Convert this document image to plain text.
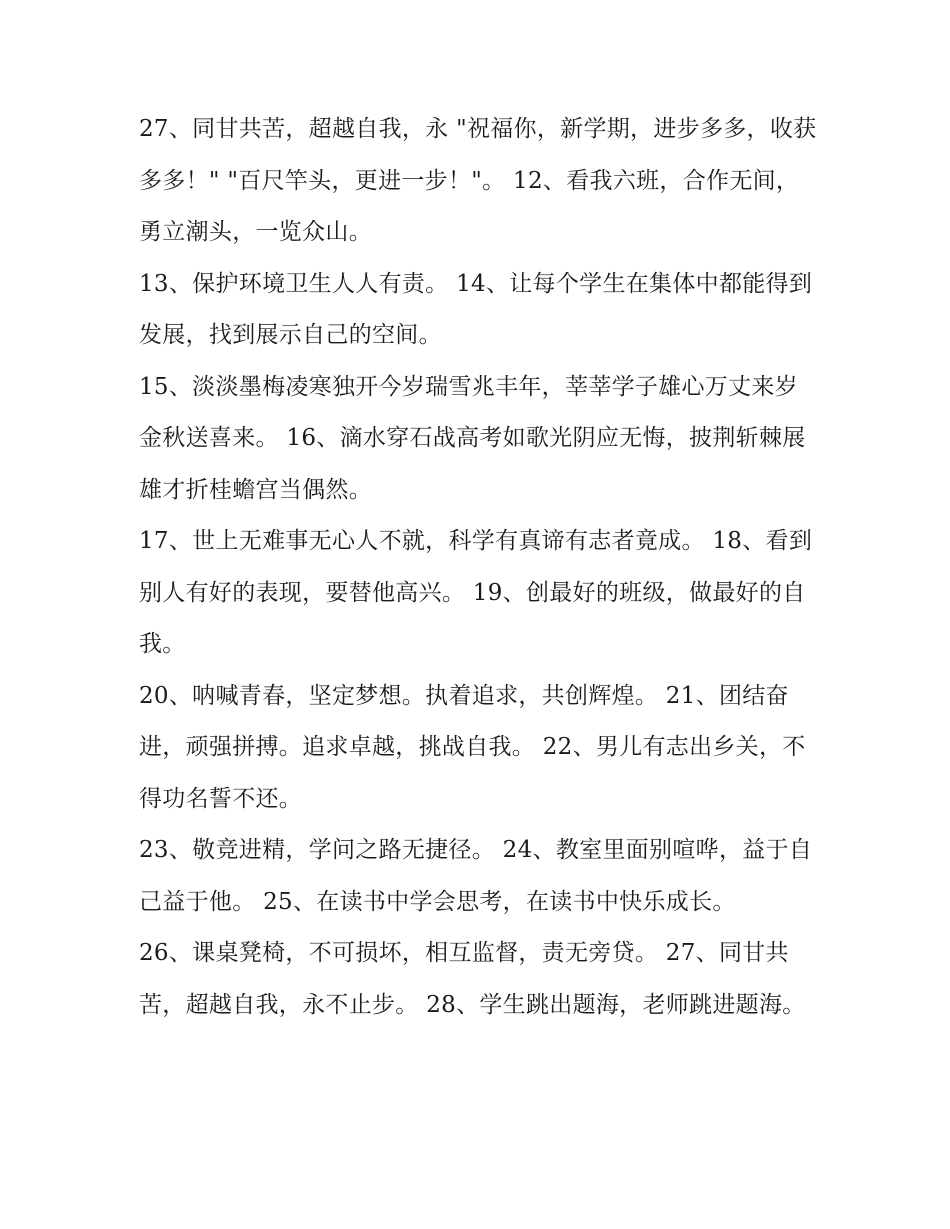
27、同甘共苦，超越自我，永 "祝福你，新学期，进步多多，收获多多！" "百尺竿头，更进一步！"。 12、看我六班，合作无间，勇立潮头，一览众山。

13、保护环境卫生人人有责。 14、让每个学生在集体中都能得到发展，找到展示自己的空间。

15、淡淡墨梅凌寒独开今岁瑞雪兆丰年，莘莘学子雄心万丈来岁金秋送喜来。 16、滴水穿石战高考如歌光阴应无悔，披荆斩棘展雄才折桂蟾宫当偶然。

17、世上无难事无心人不就，科学有真谛有志者竟成。 18、看到别人有好的表现，要替他高兴。 19、创最好的班级，做最好的自我。

20、呐喊青春，坚定梦想。执着追求，共创辉煌。 21、团结奋进，顽强拼搏。追求卓越，挑战自我。 22、男儿有志出乡关，不得功名誓不还。

23、敬竞进精，学问之路无捷径。 24、教室里面别喧哗，益于自己益于他。 25、在读书中学会思考，在读书中快乐成长。

26、课桌凳椅，不可损坏，相互监督，责无旁贷。 27、同甘共苦，超越自我，永不止步。 28、学生跳出题海，老师跳进题海。
